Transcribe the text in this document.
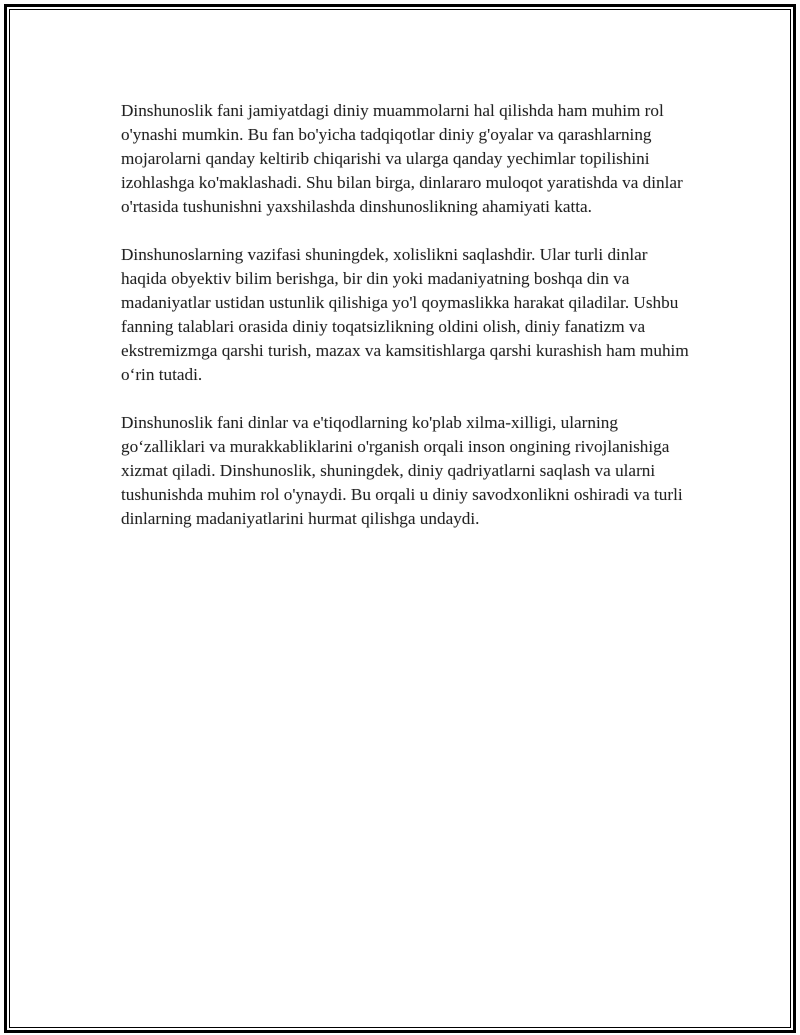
Dinshunoslik fani jamiyatdagi diniy muammolarni hal qilishda ham muhim rol o'ynashi mumkin. Bu fan bo'yicha tadqiqotlar diniy g'oyalar va qarashlarning mojarolarni qanday keltirib chiqarishi va ularga qanday yechimlar topilishini izohlashga ko'maklashadi. Shu bilan birga, dinlararo muloqot yaratishda va dinlar o'rtasida tushunishni yaxshilashda dinshunoslikning ahamiyati katta.

Dinshunoslarning vazifasi shuningdek, xolislikni saqlashdir. Ular turli dinlar haqida obyektiv bilim berishga, bir din yoki madaniyatning boshqa din va madaniyatlar ustidan ustunlik qilishiga yo'l qoymaslikka harakat qiladilar. Ushbu fanning talablari orasida diniy toqatsizlikning oldini olish, diniy fanatizm va ekstremizmga qarshi turish, mazax va kamsitishlarga qarshi kurashish ham muhim o‘rin tutadi.

Dinshunoslik fani dinlar va e'tiqodlarning ko'plab xilma-xilligi, ularning go‘zalliklari va murakkabliklarini o'rganish orqali inson ongining rivojlanishiga xizmat qiladi. Dinshunoslik, shuningdek, diniy qadriyatlarni saqlash va ularni tushunishda muhim rol o'ynaydi. Bu orqali u diniy savodxonlikni oshiradi va turli dinlarning madaniyatlarini hurmat qilishga undaydi.
